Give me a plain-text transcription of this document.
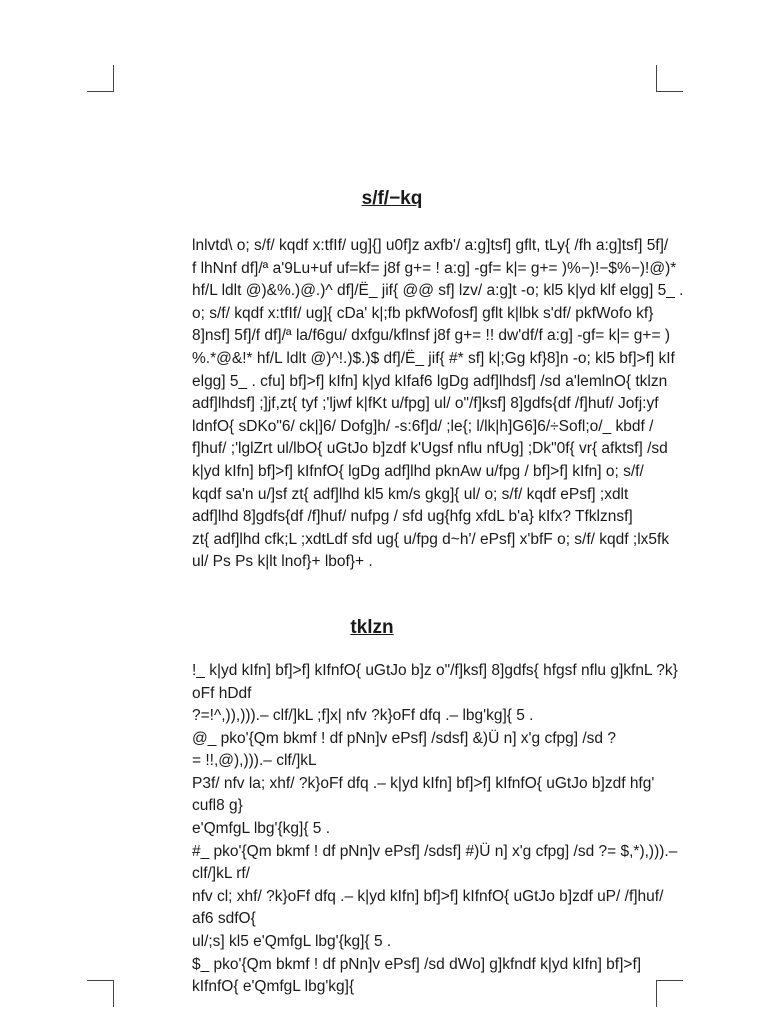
s/f/−kq

lnlvtd\ o; s/f/ kqdf x:tfIf/ ug]{] u0f]z axfb'/ a:g]tsf] gflt, tLy{ /fh a:g]tsf] 5f]/
f lhNnf df]/ª a'9Lu+uf uf=kf= j8f g+= ! a:g] -gf= k|= g+= )%−)!−$%−)!@)*
hf/L ldlt @)&%.)@.)^ df]/Ë_ jif{ @@ sf] lzv/ a:g]t -o; kl5 k|yd klf elgg] 5_ .
o; s/f/ kqdf x:tfIf/ ug]{ cDa' k|;fb pkfWofosf] gflt k|lbk s'df/ pkfWofo kf}
8]nsf] 5f]/f df]/ª la/f6gu/ dxfgu/kflnsf j8f g+= !! dw'df/f a:g] -gf= k|= g+= )
%.*@&!* hf/L ldlt @)^!.)$.)$ df]/Ë_ jif{ #* sf] k|;Gg kf}8]n -o; kl5 bf]>f] kIf
elgg] 5_ . cfu] bf]>f] kIfn] k|yd kIfaf6 lgDg adf]lhdsf] /sd a'lemlnO{ tklzn
adf]lhdsf] ;]jf,zt{ tyf ;'ljwf k|fKt u/fpg] ul/ o"/f]ksf] 8]gdfs{df /f]huf/ Jofj:yf
ldnfO{ sDKo"6/ ck|]6/ Dofg]h/ -s:6f]d/ ;le{; l/lk|h]G6]6/÷Sofl;o/_ kbdf /
f]huf/ ;'lglZrt ul/lbO{ uGtJo b]zdf k'Ugsf nflu nfUg] ;Dk"0f{ vr{ afktsf] /sd
k|yd kIfn] bf]>f] kIfnfO{ lgDg adf]lhd pknAw u/fpg / bf]>f] kIfn] o; s/f/
kqdf sa'n u/]sf zt{ adf]lhd kl5 km/s gkg]{ ul/ o; s/f/ kqdf ePsf] ;xdlt
adf]lhd 8]gdfs{df /f]huf/ nufpg / sfd ug{hfg xfdL b'a} kIfx? Tfklznsf]
zt{ adf]lhd cfk;L ;xdtLdf sfd ug{ u/fpg d~h'/ ePsf] x'bfF o; s/f/ kqdf ;lx5fk
ul/ Ps Ps k|lt lnof}+ lbof}+ .

tklzn

!_ k|yd kIfn] bf]>f] kIfnfO{ uGtJo b]z o"/f]ksf] 8]gdfs{ hfgsf nflu g]kfnL ?k}
oFf hDdf
?=!^,)),))).– clf/]kL ;f]x| nfv ?k}oFf dfq .– lbg'kg]{ 5 .
@_ pko'{Qm bkmf ! df pNn]v ePsf] /sdsf] &)Ü n] x'g cfpg] /sd ?
= !!,@),))).– clf/]kL
P3f/ nfv la; xhf/ ?k}oFf dfq .– k|yd kIfn] bf]>f] kIfnfO{ uGtJo b]zdf hfg'
cufl8 g}
e'QmfgL lbg'{kg]{ 5 .
#_ pko'{Qm bkmf ! df pNn]v ePsf] /sdsf] #)Ü n] x'g cfpg] /sd ?= $,*),))).–
clf/]kL rf/
nfv cl; xhf/ ?k}oFf dfq .– k|yd kIfn] bf]>f] kIfnfO{ uGtJo b]zdf uP/ /f]huf/
af6 sdfO{
ul/;s] kl5 e'QmfgL lbg'{kg]{ 5 .
$_ pko'{Qm bkmf ! df pNn]v ePsf] /sd dWo] g]kfndf k|yd kIfn] bf]>f]
kIfnfO{ e'QmfgL lbg'kg]{
